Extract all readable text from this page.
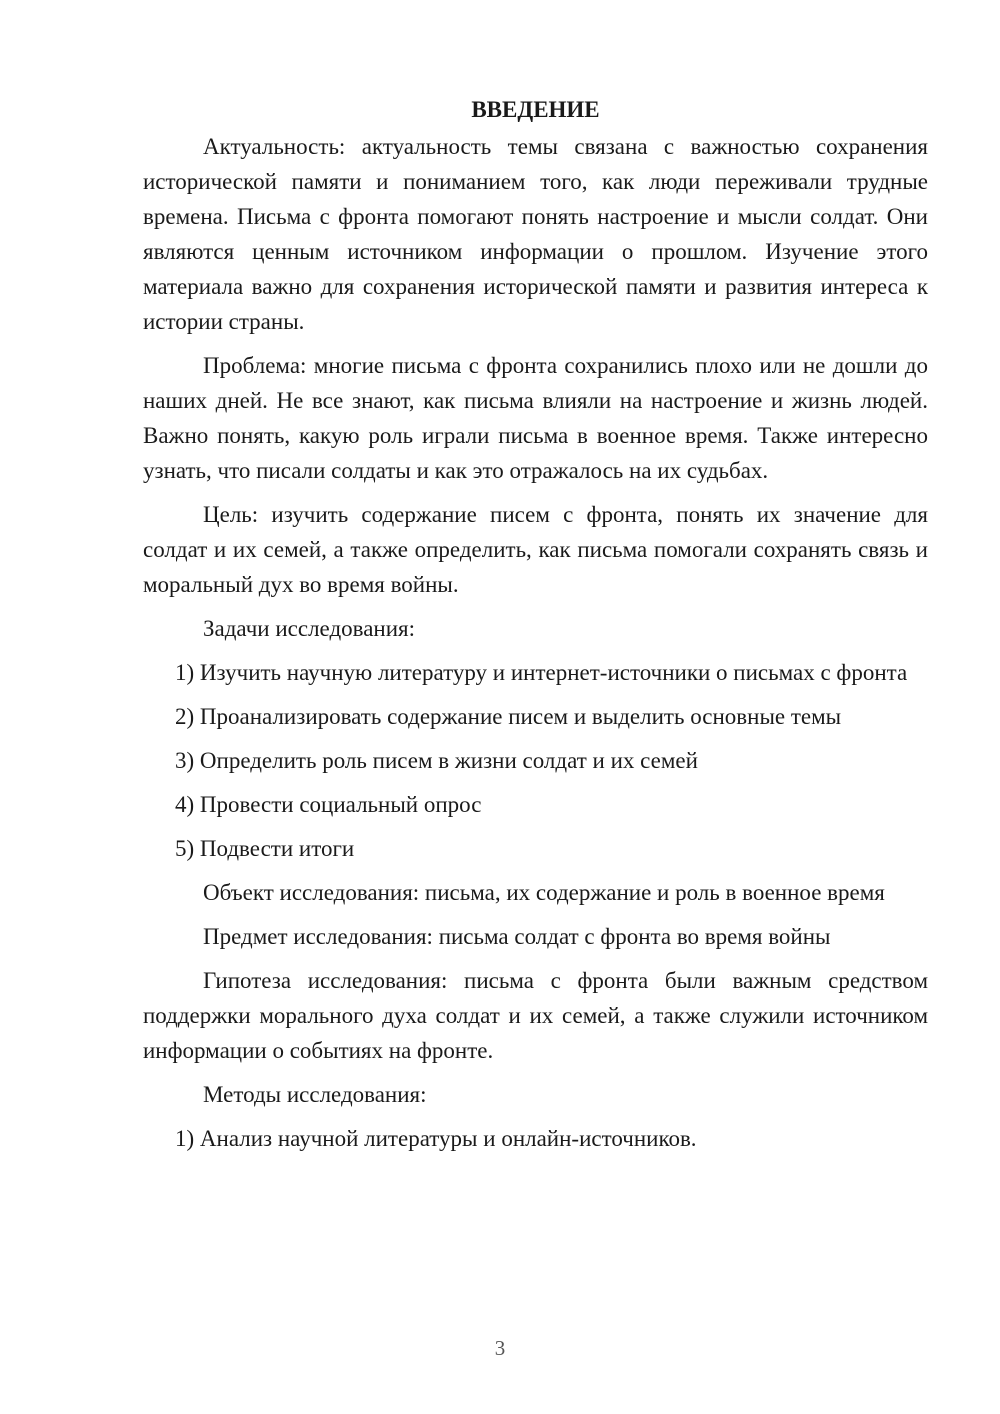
ВВЕДЕНИЕ

Актуальность: актуальность темы связана с важностью сохранения исторической памяти и пониманием того, как люди переживали трудные времена. Письма с фронта помогают понять настроение и мысли солдат. Они являются ценным источником информации о прошлом. Изучение этого материала важно для сохранения исторической памяти и развития интереса к истории страны.

Проблема: многие письма с фронта сохранились плохо или не дошли до наших дней. Не все знают, как письма влияли на настроение и жизнь людей. Важно понять, какую роль играли письма в военное время. Также интересно узнать, что писали солдаты и как это отражалось на их судьбах.

Цель: изучить содержание писем с фронта, понять их значение для солдат и их семей, а также определить, как письма помогали сохранять связь и моральный дух во время войны.

Задачи исследования:

1) Изучить научную литературу и интернет-источники о письмах с фронта

2) Проанализировать содержание писем и выделить основные темы

3) Определить роль писем в жизни солдат и их семей

4) Провести социальный опрос

5) Подвести итоги

Объект исследования: письма, их содержание и роль в военное время

Предмет исследования: письма солдат с фронта во время войны

Гипотеза исследования: письма с фронта были важным средством поддержки морального духа солдат и их семей, а также служили источником информации о событиях на фронте.

Методы исследования:

1) Анализ научной литературы и онлайн-источников.

3
